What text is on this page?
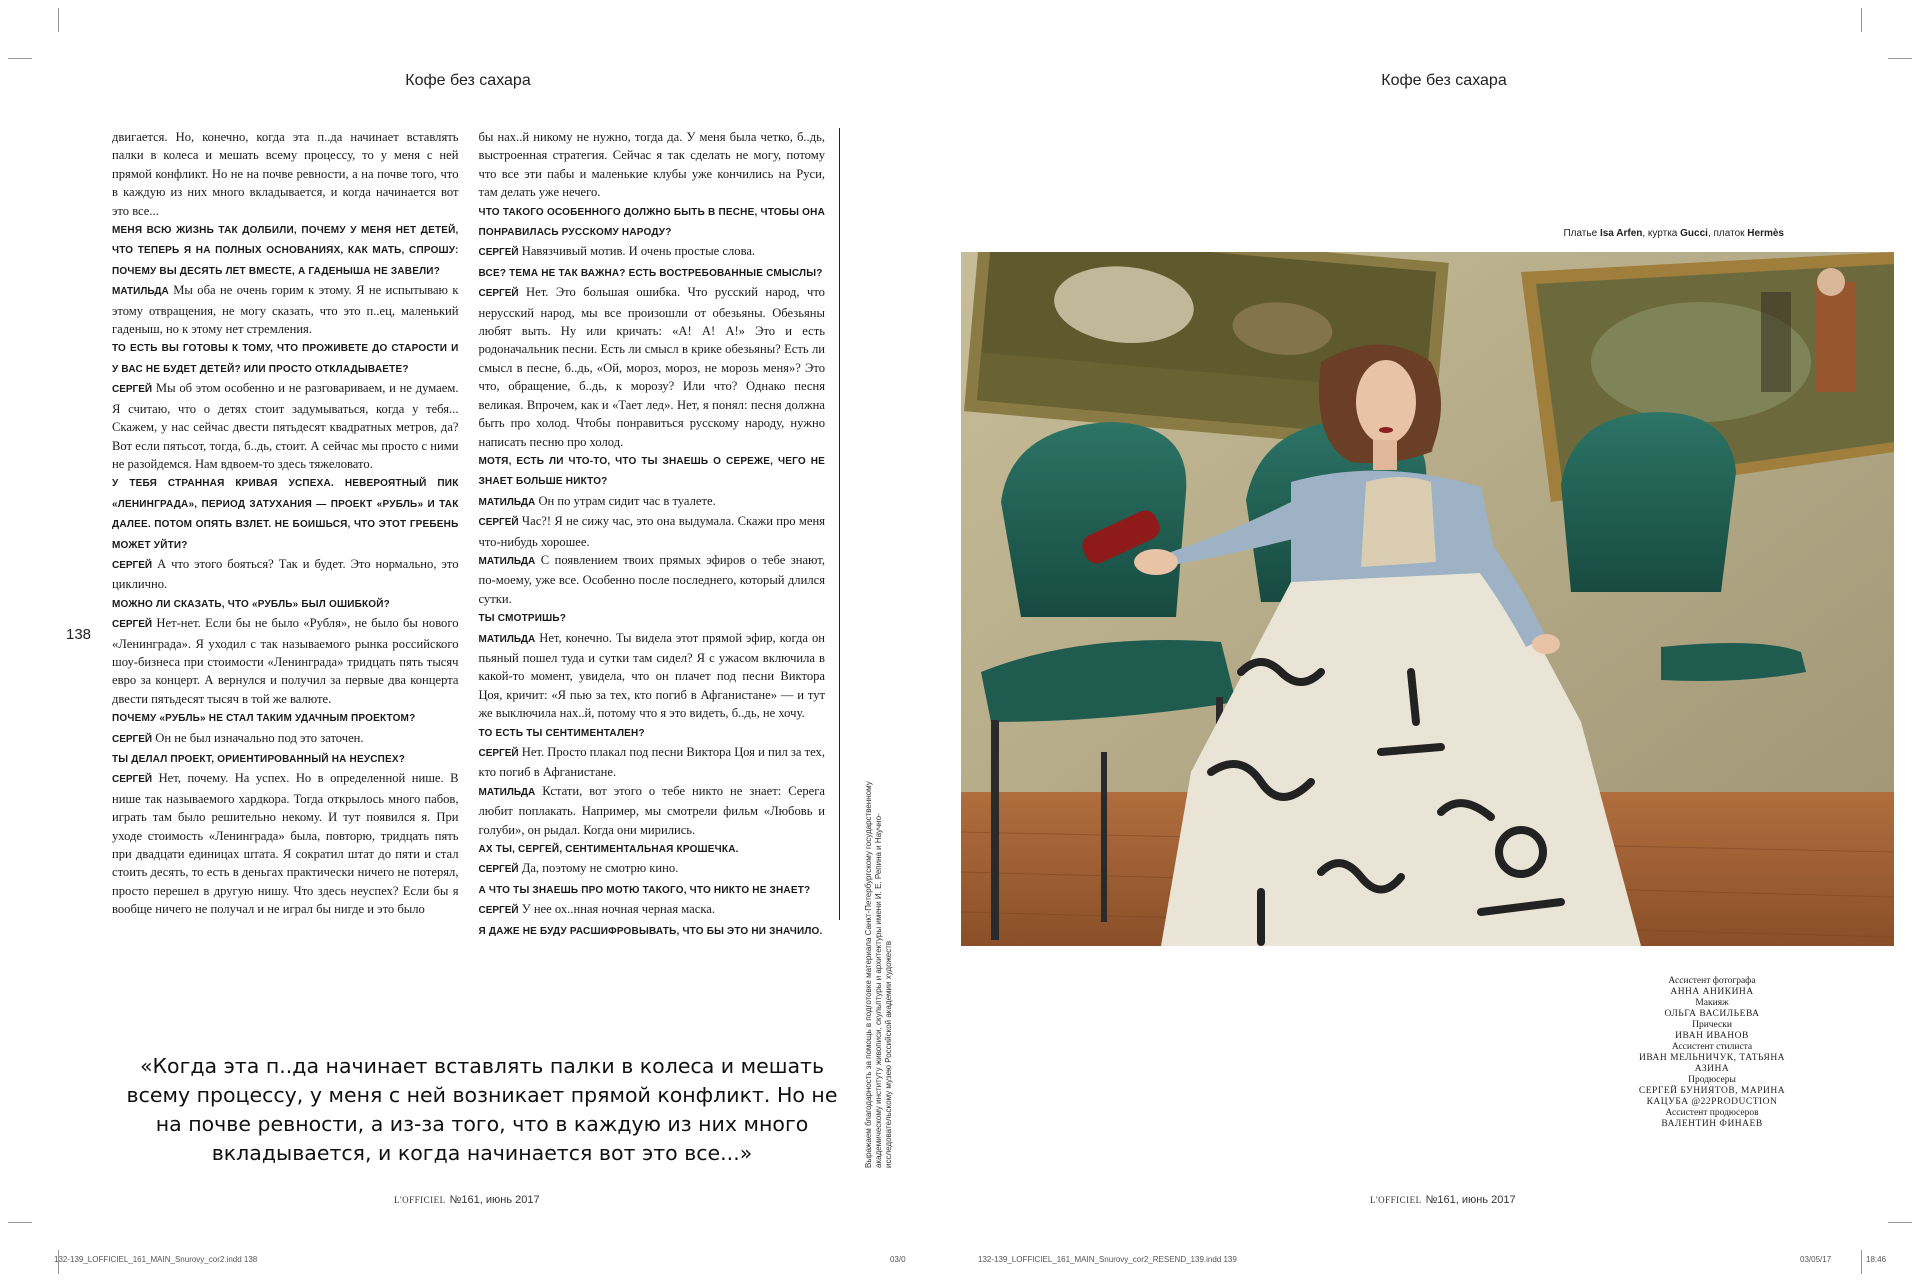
Кофе без сахара

двигается. Но, конечно, когда эта п..да начинает вставлять палки в колеса и мешать всему процессу, то у меня с ней прямой конфликт. Но не на почве ревности, а на почве того, что в каждую из них много вкладывается, и когда начинается вот это все...

МЕНЯ ВСЮ ЖИЗНЬ ТАК ДОЛБИЛИ, ПОЧЕМУ У МЕНЯ НЕТ ДЕТЕЙ, ЧТО ТЕПЕРЬ Я НА ПОЛНЫХ ОСНОВАНИЯХ, КАК МАТЬ, СПРОШУ: ПОЧЕМУ ВЫ ДЕСЯТЬ ЛЕТ ВМЕСТЕ, А ГАДЕНЫША НЕ ЗАВЕЛИ?

МАТИЛЬДА Мы оба не очень горим к этому. Я не испытываю к этому отвращения, не могу сказать, что это п..ец, маленький гаденыш, но к этому нет стремления.

ТО ЕСТЬ ВЫ ГОТОВЫ К ТОМУ, ЧТО ПРОЖИВЕТЕ ДО СТАРОСТИ И У ВАС НЕ БУДЕТ ДЕТЕЙ? ИЛИ ПРОСТО ОТКЛАДЫВАЕТЕ?

СЕРГЕЙ Мы об этом особенно и не разговариваем, и не думаем. Я считаю, что о детях стоит задумываться, когда у тебя... Скажем, у нас сейчас двести пятьдесят квадратных метров, да? Вот если пятьсот, тогда, б..дь, стоит. А сейчас мы просто с ними не разойдемся. Нам вдвоем-то здесь тяжеловато.

У ТЕБЯ СТРАННАЯ КРИВАЯ УСПЕХА. НЕВЕРОЯТНЫЙ ПИК «ЛЕНИНГРАДА», ПЕРИОД ЗАТУХАНИЯ — ПРОЕКТ «РУБЛЬ» И ТАК ДАЛЕЕ. ПОТОМ ОПЯТЬ ВЗЛЕТ. НЕ БОИШЬСЯ, ЧТО ЭТОТ ГРЕБЕНЬ МОЖЕТ УЙТИ?

СЕРГЕЙ А что этого бояться? Так и будет. Это нормально, это циклично.

МОЖНО ЛИ СКАЗАТЬ, ЧТО «РУБЛЬ» БЫЛ ОШИБКОЙ?

СЕРГЕЙ Нет-нет. Если бы не было «Рубля», не было бы нового «Ленинграда». Я уходил с так называемого рынка российского шоу-бизнеса при стоимости «Ленинграда» тридцать пять тысяч евро за концерт. А вернулся и получил за первые два концерта двести пятьдесят тысяч в той же валюте.

ПОЧЕМУ «РУБЛЬ» НЕ СТАЛ ТАКИМ УДАЧНЫМ ПРОЕКТОМ?

СЕРГЕЙ Он не был изначально под это заточен.

ТЫ ДЕЛАЛ ПРОЕКТ, ОРИЕНТИРОВАННЫЙ НА НЕУСПЕХ?

СЕРГЕЙ Нет, почему. На успех. Но в определенной нише. В нише так называемого хардкора. Тогда открылось много пабов, играть там было решительно некому. И тут появился я. При уходе стоимость «Ленинграда» была, повторю, тридцать пять при двадцати единицах штата. Я сократил штат до пяти и стал стоить десять, то есть в деньгах практически ничего не потерял, просто перешел в другую нишу. Что здесь неуспех? Если бы я вообще ничего не получал и не играл бы нигде и это было

бы нах..й никому не нужно, тогда да. У меня была четко, б..дь, выстроенная стратегия. Сейчас я так сделать не могу, потому что все эти пабы и маленькие клубы уже кончились на Руси, там делать уже нечего.

ЧТО ТАКОГО ОСОБЕННОГО ДОЛЖНО БЫТЬ В ПЕСНЕ, ЧТОБЫ ОНА ПОНРАВИЛАСЬ РУССКОМУ НАРОДУ?

СЕРГЕЙ Навязчивый мотив. И очень простые слова.

ВСЕ? ТЕМА НЕ ТАК ВАЖНА? ЕСТЬ ВОСТРЕБОВАННЫЕ СМЫСЛЫ?

СЕРГЕЙ Нет. Это большая ошибка. Что русский народ, что нерусский народ, мы все произошли от обезьяны. Обезьяны любят выть. Ну или кричать: «А! А! А!» Это и есть родоначальник песни. Есть ли смысл в крике обезьяны? Есть ли смысл в песне, б..дь, «Ой, мороз, мороз, не морозь меня»? Это что, обращение, б..дь, к морозу? Или что? Однако песня великая. Впрочем, как и «Тает лед». Нет, я понял: песня должна быть про холод. Чтобы понравиться русскому народу, нужно написать песню про холод.

МОТЯ, ЕСТЬ ЛИ ЧТО-ТО, ЧТО ТЫ ЗНАЕШЬ О СЕРЕЖЕ, ЧЕГО НЕ ЗНАЕТ БОЛЬШЕ НИКТО?

МАТИЛЬДА Он по утрам сидит час в туалете.

СЕРГЕЙ Час?! Я не сижу час, это она выдумала. Скажи про меня что-нибудь хорошее.

МАТИЛЬДА С появлением твоих прямых эфиров о тебе знают, по-моему, уже все. Особенно после последнего, который длился сутки.

ТЫ СМОТРИШЬ?

МАТИЛЬДА Нет, конечно. Ты видела этот прямой эфир, когда он пьяный пошел туда и сутки там сидел? Я с ужасом включила в какой-то момент, увидела, что он плачет под песни Виктора Цоя, кричит: «Я пью за тех, кто погиб в Афганистане» — и тут же выключила нах..й, потому что я это видеть, б..дь, не хочу.

ТО ЕСТЬ ТЫ СЕНТИМЕНТАЛЕН?

СЕРГЕЙ Нет. Просто плакал под песни Виктора Цоя и пил за тех, кто погиб в Афганистане.

МАТИЛЬДА Кстати, вот этого о тебе никто не знает: Серега любит поплакать. Например, мы смотрели фильм «Любовь и голуби», он рыдал. Когда они мирились.

АХ ТЫ, СЕРГЕЙ, СЕНТИМЕНТАЛЬНАЯ КРОШЕЧКА.

СЕРГЕЙ Да, поэтому не смотрю кино.

А ЧТО ТЫ ЗНАЕШЬ ПРО МОТЮ ТАКОГО, ЧТО НИКТО НЕ ЗНАЕТ?

СЕРГЕЙ У нее ох..нная ночная черная маска.

Я ДАЖЕ НЕ БУДУ РАСШИФРОВЫВАТЬ, ЧТО БЫ ЭТО НИ ЗНАЧИЛО.

138
«Когда эта п..да начинает вставлять палки в колеса и мешать всему процессу, у меня с ней возникает прямой конфликт. Но не на почве ревности, а из-за того, что в каждую из них много вкладывается, и когда начинается вот это все...»	Выражаем благодарность за помощь в подготовке материала Санкт-Петербургскому государственному академическому институту живописи, скульптуры и архитектуры имени И. Е. Репина и Научно-исследовательскому музею Российской академии художеств
L'OFFICIEL №161, июнь 2017
132-139_LOFFICIEL_161_MAIN_Snurovy_cor2.indd 138	03/0
Кофе без сахара
L'OFFICIEL №161, июнь 2017
132-139_LOFFICIEL_161_MAIN_Snurovy_cor2_RESEND_139.indd 139	03/05/17	18:46
Платье Isa Arfen, куртка Gucci, платок Hermès
Ассистент фотографа
АННА АНИКИНА
Макияж
ОЛЬГА ВАСИЛЬЕВА
Прически
ИВАН ИВАНОВ
Ассистент стилиста
ИВАН МЕЛЬНИЧУК, ТАТЬЯНА АЗИНА
Продюсеры
СЕРГЕЙ БУНИЯТОВ, МАРИНА КАЦУБА @22PRODUCTION
Ассистент продюсеров
ВАЛЕНТИН ФИНАЕВ
